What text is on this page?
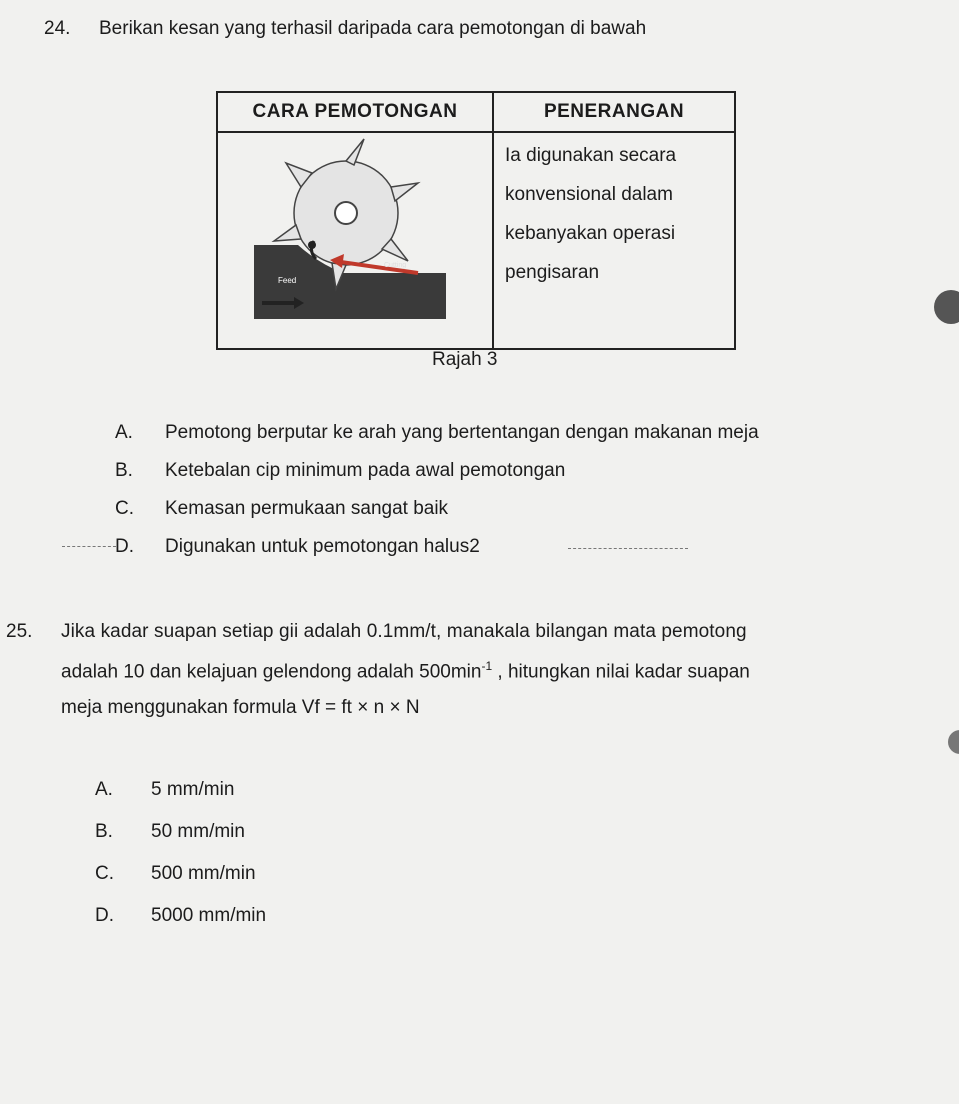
24. Berikan kesan yang terhasil daripada cara pemotongan di bawah
CARA PEMOTONGAN	PENERANGAN

Feed
Cutting	Ia digunakan secara
konvensional dalam
kebanyakan operasi
pengisaran
Rajah 3
A.	Pemotong berputar ke arah yang bertentangan dengan makanan meja
B.	Ketebalan cip minimum pada awal pemotongan
C.	Kemasan permukaan sangat baik
D.	Digunakan untuk pemotongan halus2
25. Jika kadar suapan setiap gii adalah 0.1mm/t, manakala bilangan mata pemotong
adalah 10 dan kelajuan gelendong adalah $500\min^{-1}$ , hitungkan nilai kadar suapan
meja menggunakan formula Vf = ft × n × N
A.	5 mm/min
B.	50 mm/min
C.	500 mm/min
D.	5000 mm/min
